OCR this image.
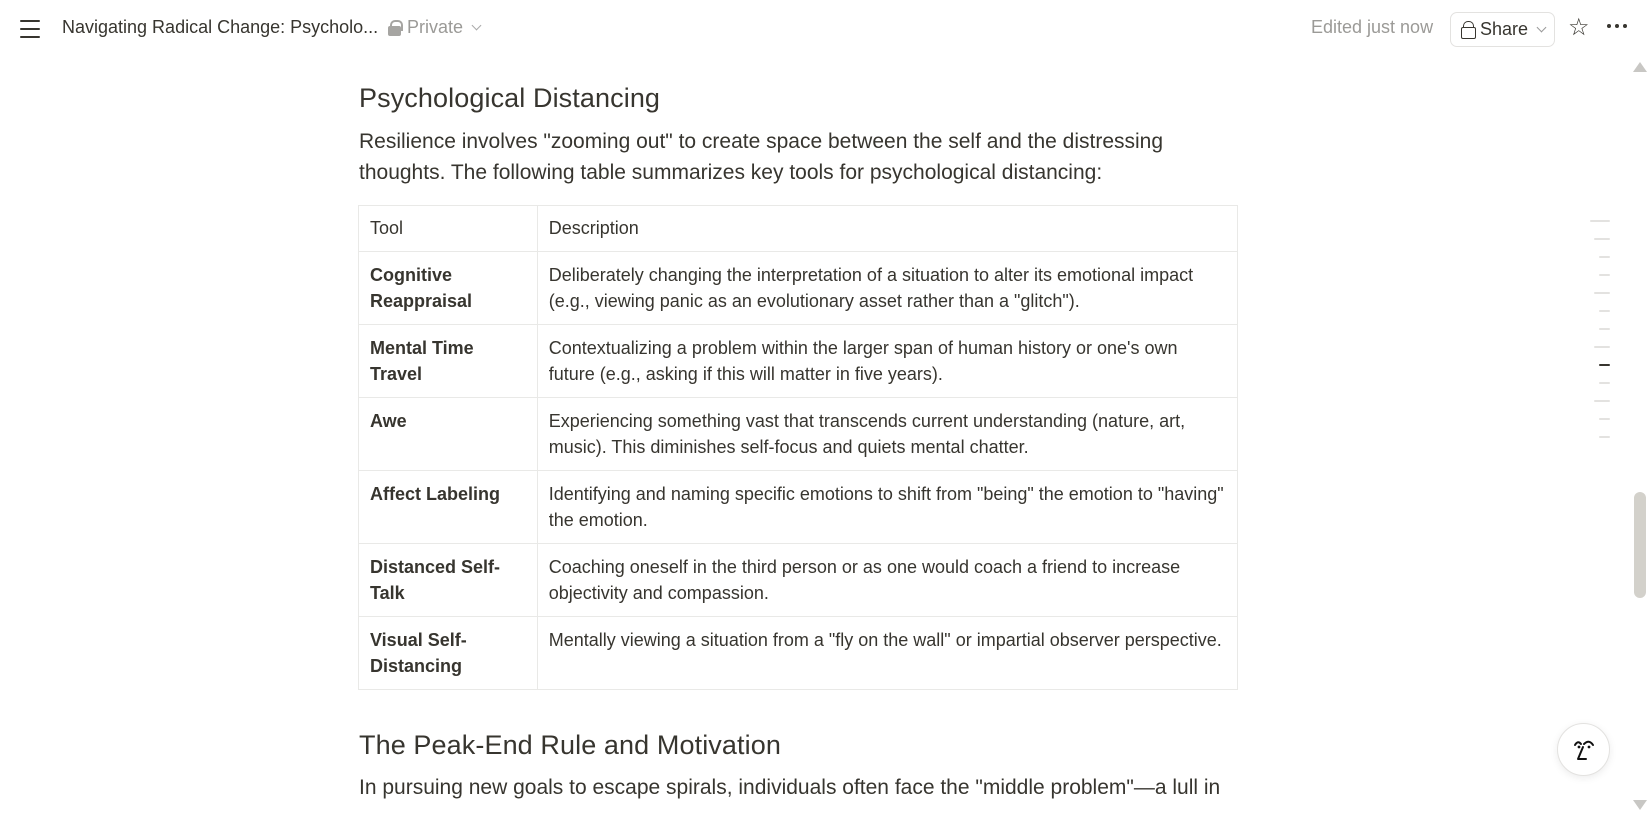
Navigating Radical Change: Psycholo... Private	Edited just now	Share ☆
Psychological Distancing

Resilience involves "zooming out" to create space between the self and the distressing thoughts. The following table summarizes key tools for psychological distancing:

Tool	Description
Cognitive Reappraisal	Deliberately changing the interpretation of a situation to alter its emotional impact (e.g., viewing panic as an evolutionary asset rather than a "glitch").
Mental Time Travel	Contextualizing a problem within the larger span of human history or one's own future (e.g., asking if this will matter in five years).
Awe	Experiencing something vast that transcends current understanding (nature, art, music). This diminishes self-focus and quiets mental chatter.
Affect Labeling	Identifying and naming specific emotions to shift from "being" the emotion to "having" the emotion.
Distanced Self-Talk	Coaching oneself in the third person or as one would coach a friend to increase objectivity and compassion.
Visual Self-Distancing	Mentally viewing a situation from a "fly on the wall" or impartial observer perspective.
The Peak-End Rule and Motivation

In pursuing new goals to escape spirals, individuals often face the "middle problem"—a lull in
